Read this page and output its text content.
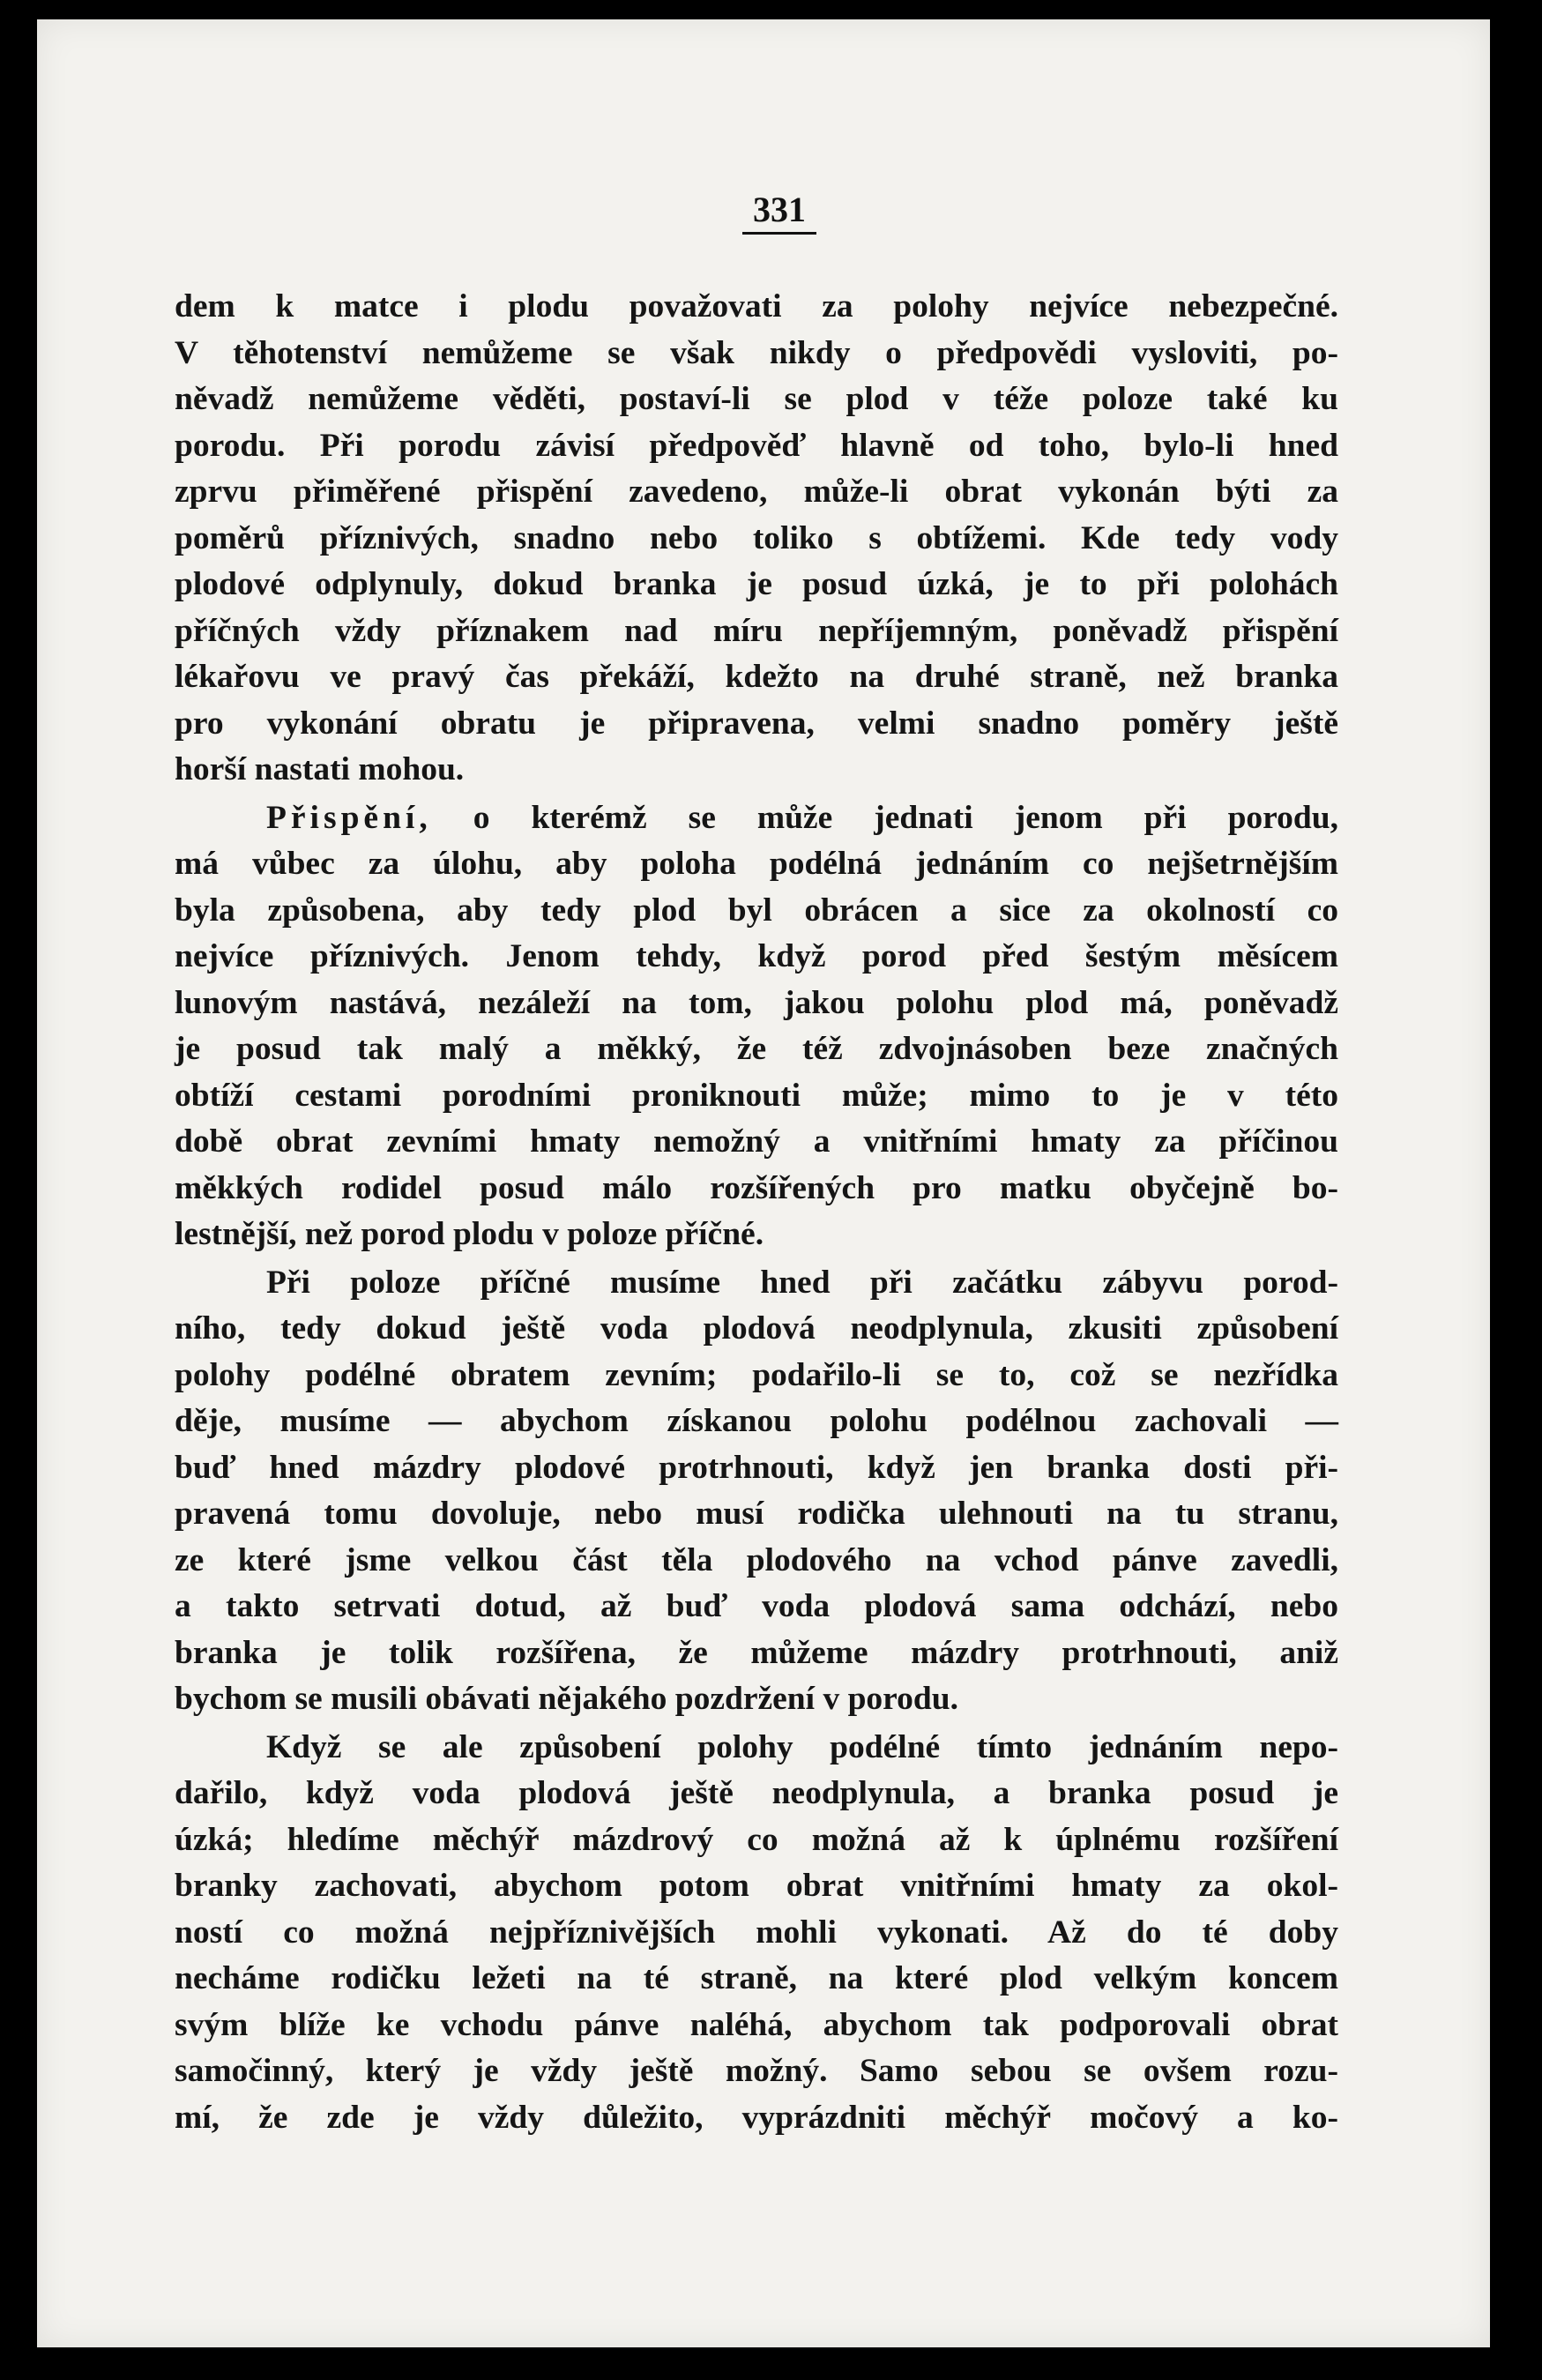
331
dem k matce i plodu považovati za polohy nejvíce nebezpečné.
V těhotenství nemůžeme se však nikdy o předpovědi vysloviti, po-
něvadž nemůžeme věděti, postaví-li se plod v téže poloze také ku
porodu. Při porodu závisí předpověď hlavně od toho, bylo-li hned
zprvu přiměřené přispění zavedeno, může-li obrat vykonán býti za
poměrů příznivých, snadno nebo toliko s obtížemi. Kde tedy vody
plodové odplynuly, dokud branka je posud úzká, je to při polohách
příčných vždy příznakem nad míru nepříjemným, poněvadž přispění
lékařovu ve pravý čas překáží, kdežto na druhé straně, než branka
pro vykonání obratu je připravena, velmi snadno poměry ještě
horší nastati mohou.
Přispění, o kterémž se může jednati jenom při porodu,
má vůbec za úlohu, aby poloha podélná jednáním co nejšetrnějším
byla způsobena, aby tedy plod byl obrácen a sice za okolností co
nejvíce příznivých. Jenom tehdy, když porod před šestým měsícem
lunovým nastává, nezáleží na tom, jakou polohu plod má, poněvadž
je posud tak malý a měkký, že též zdvojnásoben beze značných
obtíží cestami porodními proniknouti může; mimo to je v této
době obrat zevními hmaty nemožný a vnitřními hmaty za příčinou
měkkých rodidel posud málo rozšířených pro matku obyčejně bo-
lestnější, než porod plodu v poloze příčné.
Při poloze příčné musíme hned při začátku zábyvu porod-
ního, tedy dokud ještě voda plodová neodplynula, zkusiti způsobení
polohy podélné obratem zevním; podařilo-li se to, což se nezřídka
děje, musíme — abychom získanou polohu podélnou zachovali —
buď hned mázdry plodové protrhnouti, když jen branka dosti při-
pravená tomu dovoluje, nebo musí rodička ulehnouti na tu stranu,
ze které jsme velkou část těla plodového na vchod pánve zavedli,
a takto setrvati dotud, až buď voda plodová sama odchází, nebo
branka je tolik rozšířena, že můžeme mázdry protrhnouti, aniž
bychom se musili obávati nějakého pozdržení v porodu.
Když se ale způsobení polohy podélné tímto jednáním nepo-
dařilo, když voda plodová ještě neodplynula, a branka posud je
úzká; hledíme měchýř mázdrový co možná až k úplnému rozšíření
branky zachovati, abychom potom obrat vnitřními hmaty za okol-
ností co možná nejpříznivějších mohli vykonati. Až do té doby
necháme rodičku ležeti na té straně, na které plod velkým koncem
svým blíže ke vchodu pánve naléhá, abychom tak podporovali obrat
samočinný, který je vždy ještě možný. Samo sebou se ovšem rozu-
mí, že zde je vždy důležito, vyprázdniti měchýř močový a ko-
